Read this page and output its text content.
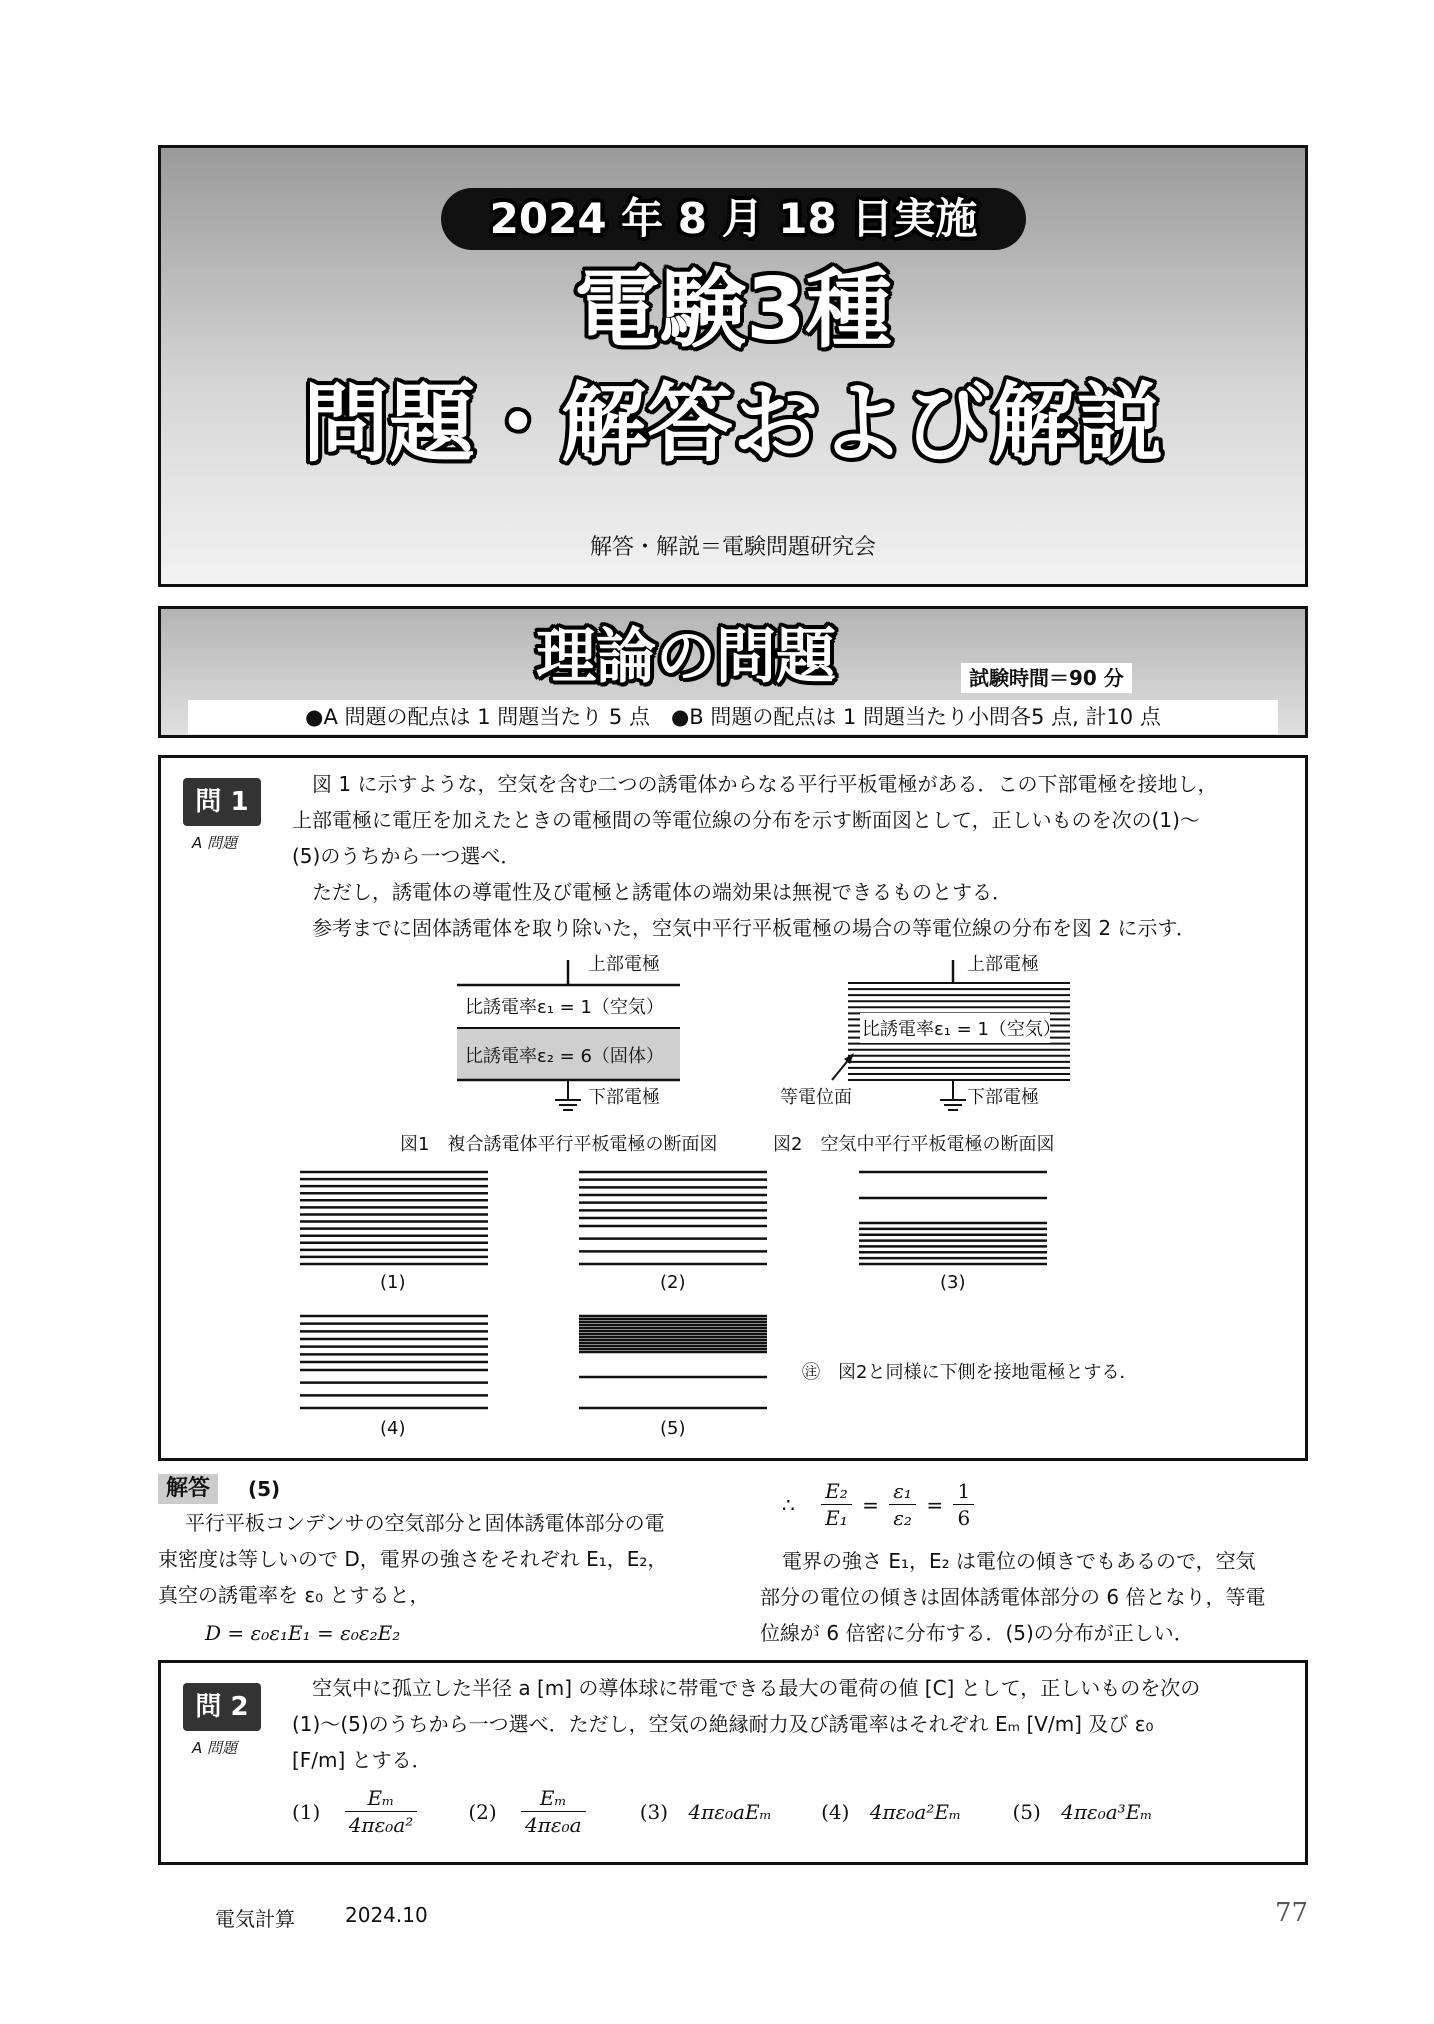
2024 年 8 月 18 日実施
電験3種
問題・解答および解説
解答・解説＝電験問題研究会
理論の問題	試験時間＝90 分
●A 問題の配点は 1 問題当たり 5 点　●B 問題の配点は 1 問題当たり小問各5 点, 計10 点
問 1
A 問題
図 1 に示すような，空気を含む二つの誘電体からなる平行平板電極がある．この下部電極を接地し，
上部電極に電圧を加えたときの電極間の等電位線の分布を示す断面図として，正しいものを次の(1)〜
(5)のうちから一つ選べ．
ただし，誘電体の導電性及び電極と誘電体の端効果は無視できるものとする．
参考までに固体誘電体を取り除いた，空気中平行平板電極の場合の等電位線の分布を図 2 に示す．
上部電極
比誘電率ε₁ = 1（空気）
比誘電率ε₂ = 6（固体）
下部電極
上部電極
比誘電率ε₁ = 1（空気）
等電位面	下部電極
図1　複合誘電体平行平板電極の断面図	図2　空気中平行平板電極の断面図
(1)	(2)	(3)
(4)	(5)
㊟　図2と同様に下側を接地電極とする．
解答	(5)
平行平板コンデンサの空気部分と固体誘電体部分の電
束密度は等しいので D，電界の強さをそれぞれ E₁，E₂，
真空の誘電率を ε₀ とすると，
D = ε₀ε₁E₁ = ε₀ε₂E₂
∴ $\frac{\text{E₂}}{\text{E₁}} = \frac{\text{ε₁}}{\text{ε₂}} = \frac{1}{6}$
電界の強さ E₁，E₂ は電位の傾きでもあるので，空気
部分の電位の傾きは固体誘電体部分の 6 倍となり，等電
位線が 6 倍密に分布する．(5)の分布が正しい．
問 2
A 問題
空気中に孤立した半径 a [m] の導体球に帯電できる最大の電荷の値 [C] として，正しいものを次の
(1)〜(5)のうちから一つ選べ．ただし，空気の絶縁耐力及び誘電率はそれぞれ Eₘ [V/m] 及び ε₀
[F/m] とする．
$(1) \frac{\text{Eₘ}}{\text{4πε₀a²}}$	$(2) \frac{\text{Eₘ}}{\text{4πε₀a}}$	(3) 4πε₀aEₘ (4) 4πε₀a²Eₘ	(5) 4πε₀a³Eₘ
電気計算	2024.10	77
